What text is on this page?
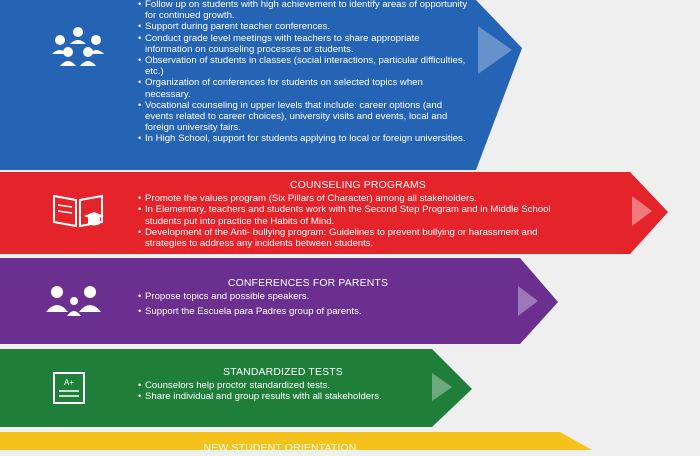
NEW STUDENT ORIENTATION
A+
STANDARDIZED TESTS
• Counselors help proctor standardized tests.
• Share individual and group results with all stakeholders.
CONFERENCES FOR PARENTS
• Propose topics and possible speakers.
• Support the Escuela para Padres group of parents.
COUNSELING PROGRAMS
• Promote the values program (Six Pillars of Character) among all stakeholders.
• In Elementary, teachers and students work with the Second Step Program and in Middle School students put into practice the Habits of Mind.
• Development of the Anti- bullying program: Guidelines to prevent bullying or harassment and strategies to address any incidents between students.
• Follow up on students with high achievement to identify areas of opportunity for continued growth.
• Support during parent teacher conferences.
• Conduct grade level meetings with teachers to share appropriate information on counseling processes or students.
• Observation of students in classes (social interactions, particular difficulties, etc.)
• Organization of conferences for students on selected topics when necessary.
• Vocational counseling in upper levels that include: career options (and events related to career choices), university visits and events, local and foreign university fairs.
• In High School, support for students applying to local or foreign universities.
